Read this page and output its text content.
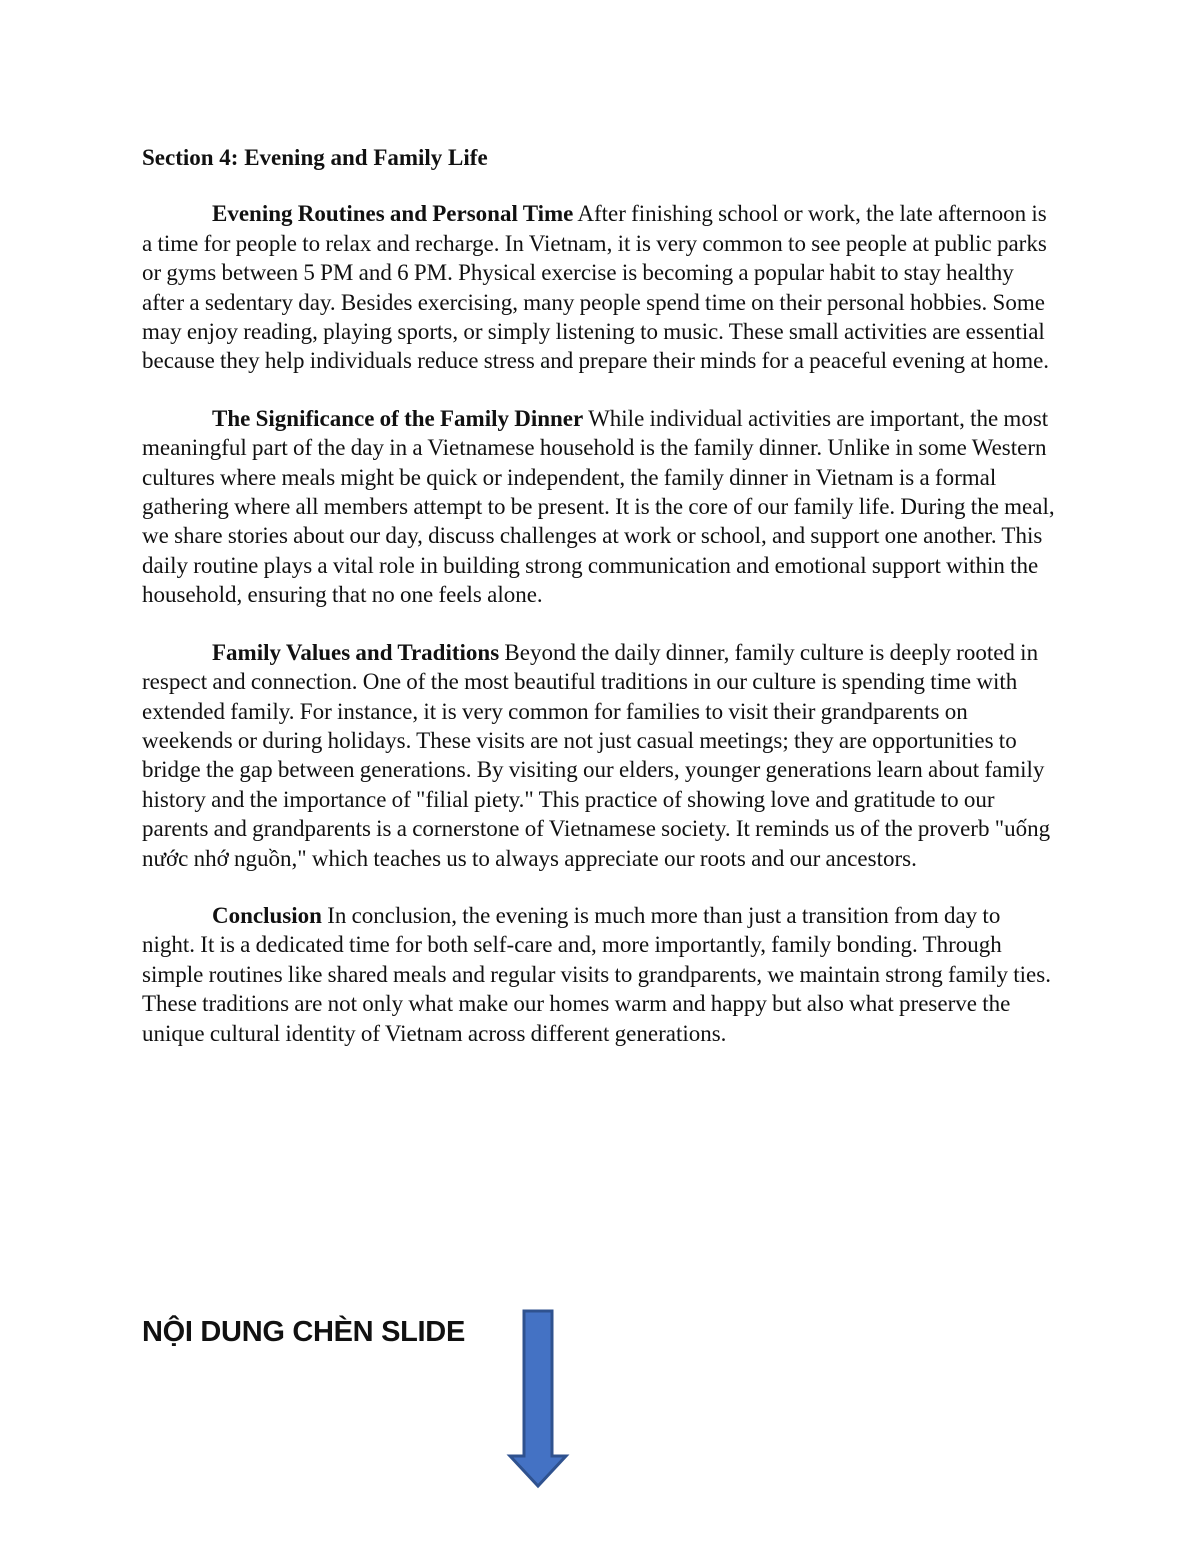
Section 4: Evening and Family Life

Evening Routines and Personal Time After finishing school or work, the late afternoon is a time for people to relax and recharge. In Vietnam, it is very common to see people at public parks or gyms between 5 PM and 6 PM. Physical exercise is becoming a popular habit to stay healthy after a sedentary day. Besides exercising, many people spend time on their personal hobbies. Some may enjoy reading, playing sports, or simply listening to music. These small activities are essential because they help individuals reduce stress and prepare their minds for a peaceful evening at home.

The Significance of the Family Dinner While individual activities are important, the most meaningful part of the day in a Vietnamese household is the family dinner. Unlike in some Western cultures where meals might be quick or independent, the family dinner in Vietnam is a formal gathering where all members attempt to be present. It is the core of our family life. During the meal, we share stories about our day, discuss challenges at work or school, and support one another. This daily routine plays a vital role in building strong communication and emotional support within the household, ensuring that no one feels alone.

Family Values and Traditions Beyond the daily dinner, family culture is deeply rooted in respect and connection. One of the most beautiful traditions in our culture is spending time with extended family. For instance, it is very common for families to visit their grandparents on weekends or during holidays. These visits are not just casual meetings; they are opportunities to bridge the gap between generations. By visiting our elders, younger generations learn about family history and the importance of "filial piety." This practice of showing love and gratitude to our parents and grandparents is a cornerstone of Vietnamese society. It reminds us of the proverb "uống nước nhớ nguồn," which teaches us to always appreciate our roots and our ancestors.

Conclusion In conclusion, the evening is much more than just a transition from day to night. It is a dedicated time for both self-care and, more importantly, family bonding. Through simple routines like shared meals and regular visits to grandparents, we maintain strong family ties. These traditions are not only what make our homes warm and happy but also what preserve the unique cultural identity of Vietnam across different generations.

NỘI DUNG CHÈN SLIDE
